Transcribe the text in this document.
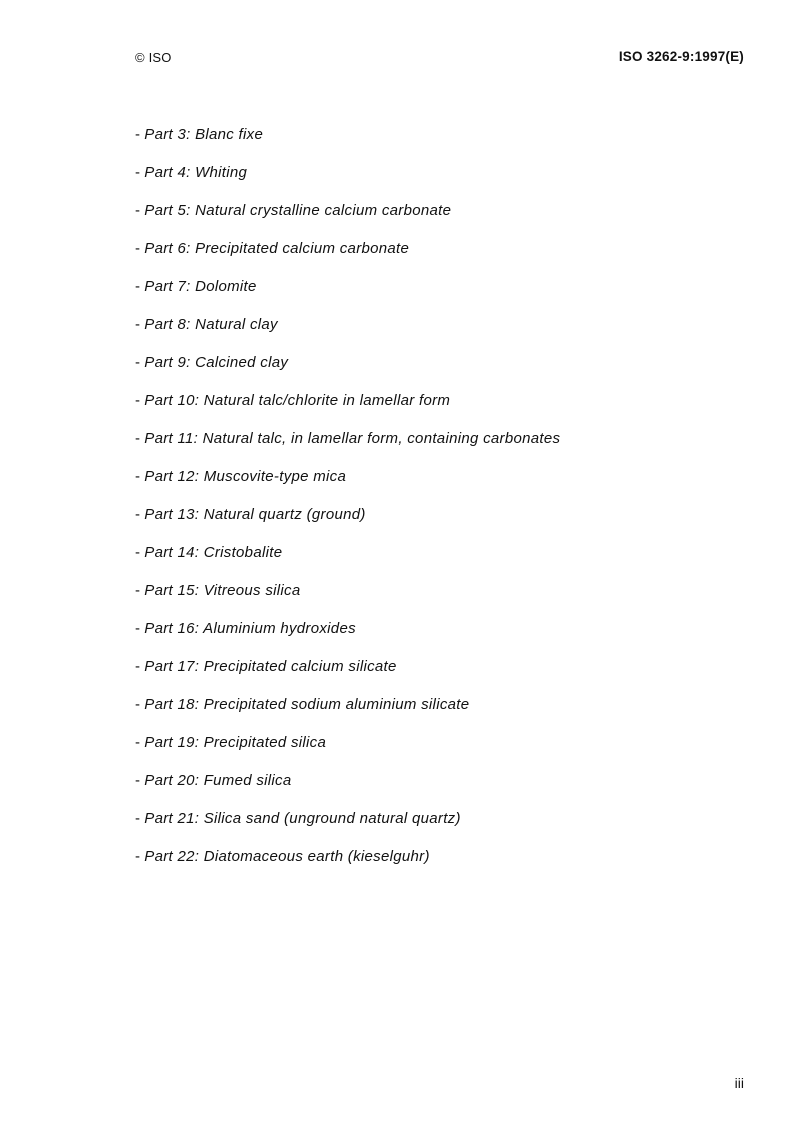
© ISO	ISO 3262-9:1997(E)
- Part 3: Blanc fixe
- Part 4: Whiting
- Part 5: Natural crystalline calcium carbonate
- Part 6: Precipitated calcium carbonate
- Part 7: Dolomite
- Part 8: Natural clay
- Part 9: Calcined clay
- Part 10: Natural talc/chlorite in lamellar form
- Part 11: Natural talc, in lamellar form, containing carbonates
- Part 12: Muscovite-type mica
- Part 13: Natural quartz (ground)
- Part 14: Cristobalite
- Part 15: Vitreous silica
- Part 16: Aluminium hydroxides
- Part 17: Precipitated calcium silicate
- Part 18: Precipitated sodium aluminium silicate
- Part 19: Precipitated silica
- Part 20: Fumed silica
- Part 21: Silica sand (unground natural quartz)
- Part 22: Diatomaceous earth (kieselguhr)
iii
